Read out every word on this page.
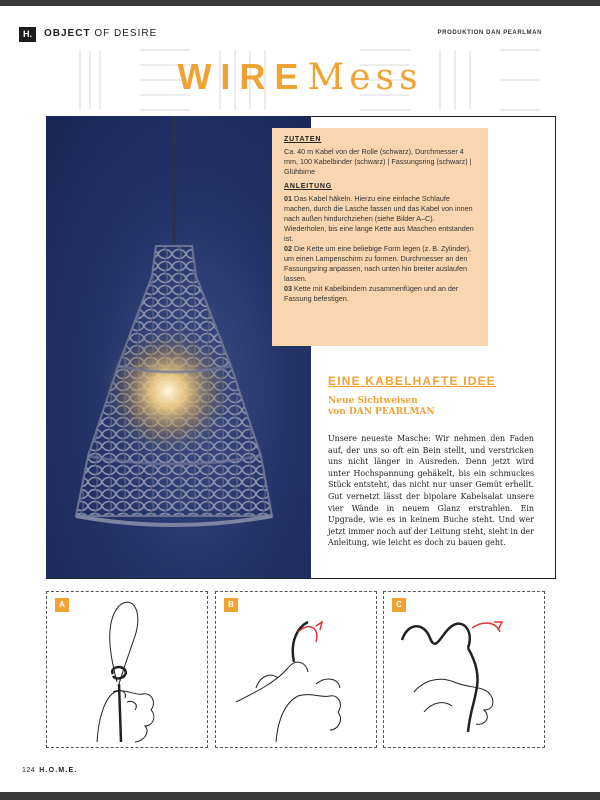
H.	OBJECT OF DESIRE	PRODUKTION DAN PEARLMAN
WIREMess
ZUTATEN

Ca. 40 m Kabel von der Rolle (schwarz), Durchmesser 4 mm, 100 Kabelbinder (schwarz) | Fassungsring (schwarz) | Glühbirne

ANLEITUNG

01 Das Kabel häkeln. Hierzu eine einfache Schlaufe machen, durch die Lasche fassen und das Kabel von innen nach außen hindurchziehen (siehe Bilder A–C). Wiederholen, bis eine lange Kette aus Maschen entstanden ist.

02 Die Kette um eine beliebige Form legen (z. B. Zylinder), um einen Lampenschirm zu formen. Durchmesser an den Fassungsring anpassen, nach unten hin breiter auslaufen lassen.

03 Kette mit Kabelbindern zusammenfügen und an der Fassung befestigen.

EINE KABELHAFTE IDEE
Neue Sichtweisen
von DAN PEARLMAN
Unsere neueste Masche: Wir nehmen den Faden auf, der uns so oft ein Bein stellt, und verstricken uns nicht länger in Ausreden. Denn jetzt wird unter Hochspannung gehäkelt, bis ein schmuckes Stück entsteht, das nicht nur unser Gemüt erhellt. Gut vernetzt lässt der bipolare Kabelsalat unsere vier Wände in neuem Glanz erstrahlen. Ein Upgrade, wie es in keinem Buche steht. Und wer jetzt immer noch auf der Leitung steht, sieht in der Anleitung, wie leicht es doch zu bauen geht.
A	B	C
124 H.O.M.E.
